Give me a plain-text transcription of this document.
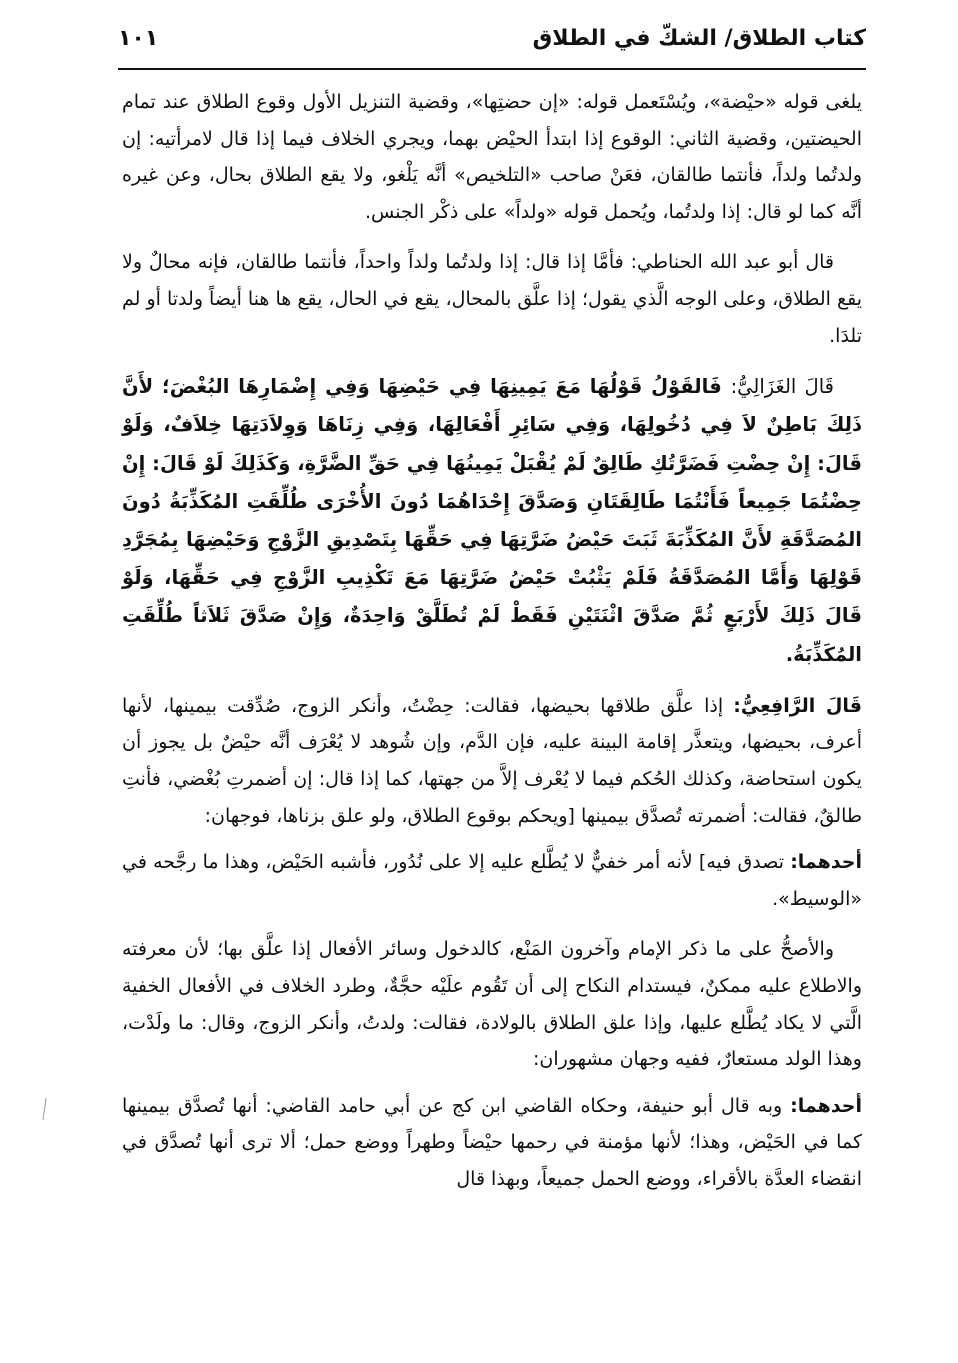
كتاب الطلاق/ الشكّ في الطلاق
١٠١

يلغى قوله «حيْضة»، ويُسْتَعمل قوله: «إن حضتِها»، وقضية التنزيل الأول وقوع الطلاق عند تمام الحيضتين، وقضية الثاني: الوقوع إذا ابتدأ الحيْض بهما، ويجري الخلاف فيما إذا قال لامرأتيه: إن ولدتُما ولداً، فأنتما طالقان، فعَنْ صاحب «التلخيص» أنَّه يَلْغو، ولا يقع الطلاق بحال، وعن غيره أنَّه كما لو قال: إذا ولدتُما، ويُحمل قوله «ولداً» على ذكْر الجنس.

قال أبو عبد الله الحناطي: فأمَّا إذا قال: إذا ولدتُما ولداً واحداً، فأنتما طالقان، فإنه محالٌ ولا يقع الطلاق، وعلى الوجه الَّذي يقول؛ إذا علَّق بالمحال، يقع في الحال، يقع ها هنا أيضاً ولدتا أو لم تلدَا.

قَالَ الغَزَالِيُّ: فَالقَوْلُ قَوْلُهَا مَعَ يَمِينِهَا فِي حَيْضِهَا وَفِي إِضْمَارِهَا البُغْضَ؛ لأَنَّ ذَلِكَ بَاطِنٌ لاَ فِي دُخُولِهَا، وَفِي سَائِرِ أَفْعَالِهَا، وَفِي زِنَاهَا وَوِلاَدَتِهَا خِلاَفٌ، وَلَوْ قَالَ: إِنْ حِضْتِ فَضَرَّتُكِ طَالِقٌ لَمْ يُقْبَلْ يَمِينُهَا فِي حَقِّ الضَّرَّةِ، وَكَذَلِكَ لَوْ قَالَ: إِنْ حِضْتُمَا جَمِيعاً فَأَنْتُمَا طَالِقَتَانِ وَصَدَّقَ إِحْدَاهُمَا دُونَ الأُخْرَى طُلِّقَتِ المُكَذِّبَةُ دُونَ المُصَدَّقَةِ لأَنَّ المُكَذِّبَةَ ثَبَتَ حَيْضُ ضَرَّتِهَا فِي حَقِّهَا بِتَصْدِيقِ الزَّوْجِ وَحَيْضِهَا بِمُجَرَّدِ قَوْلِهَا وَأَمَّا المُصَدَّقَةُ فَلَمْ يَثْبُتْ حَيْضُ ضَرَّتِهَا مَعَ تَكْذِيبِ الزَّوْجِ فِي حَقِّهَا، وَلَوْ قَالَ ذَلِكَ لأَرْبَعٍ ثُمَّ صَدَّقَ اثْنَتَيْنِ فَقَطْ لَمْ تُطَلَّقْ وَاحِدَةٌ، وَإِنْ صَدَّقَ ثَلاَثاً طُلِّقَتِ المُكَذِّبَةُ.

قَالَ الرَّافِعِيُّ: إذا علَّق طلاقها بحيضها، فقالت: حِضْتُ، وأنكر الزوج، صُدِّقت بيمينها، لأنها أعرف، بحيضها، ويتعذَّر إقامة البينة عليه، فإن الدَّم، وإن شُوهد لا يُعْرَف أنَّه حيْضٌ بل يجوز أن يكون استحاضة، وكذلك الحُكم فيما لا يُعْرف إلاَّ من جهتها، كما إذا قال: إن أضمرتِ بُغْضي، فأنتِ طالقٌ، فقالت: أضمرته تُصدَّق بيمينها [ويحكم بوقوع الطلاق، ولو علق بزناها، فوجهان:

أحدهما: تصدق فيه] لأنه أمر خفيٌّ لا يُطَّلع عليه إلا على نُدُور، فأشبه الحَيْض، وهذا ما رجَّحه في «الوسيط».

والأصحُّ على ما ذكر الإمام وآخرون المَنْع، كالدخول وسائر الأفعال إذا علَّق بها؛ لأن معرفته والاطلاع عليه ممكنٌ، فيستدام النكاح إلى أن تَقُوم علَيْه حجَّةٌ، وطرد الخلاف في الأفعال الخفية الَّتي لا يكاد يُطَّلع عليها، وإذا علق الطلاق بالولادة، فقالت: ولدتُ، وأنكر الزوج، وقال: ما ولَدْت، وهذا الولد مستعارٌ، ففيه وجهان مشهوران:

أحدهما: وبه قال أبو حنيفة، وحكاه القاضي ابن كج عن أبي حامد القاضي: أنها تُصدَّق بيمينها كما في الحَيْض، وهذا؛ لأنها مؤمنة في رحمها حيْضاً وطهراً ووضع حمل؛ ألا ترى أنها تُصدَّق في انقضاء العدَّة بالأقراء، ووضع الحمل جميعاً، وبهذا قال
